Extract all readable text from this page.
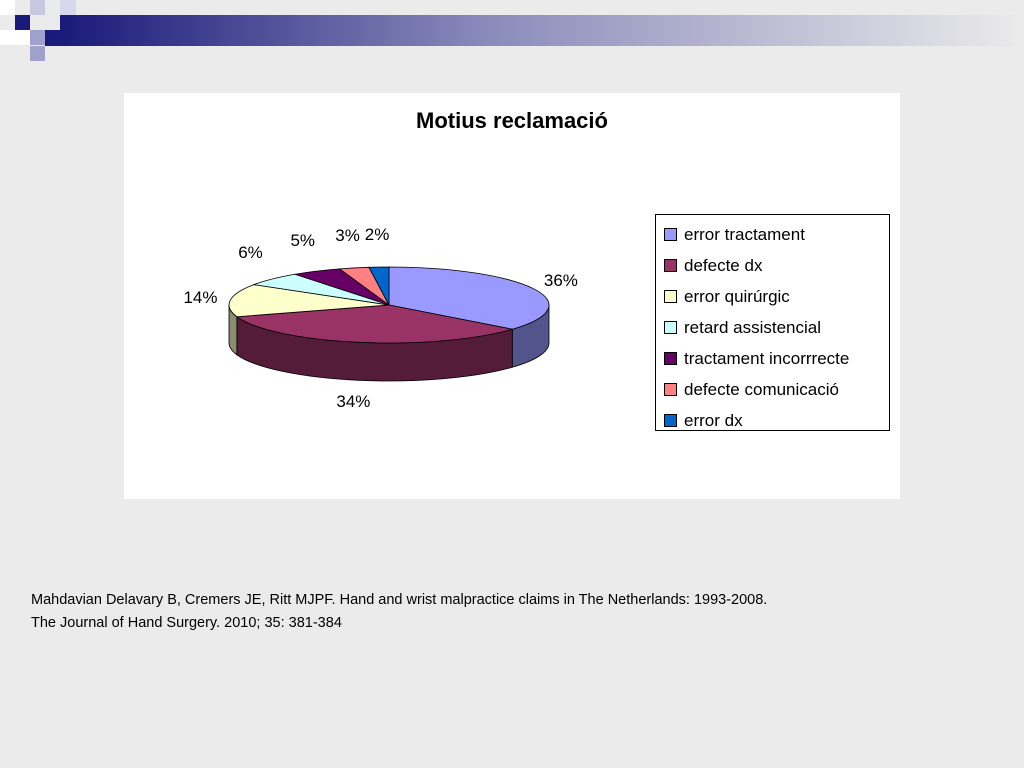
Motius reclamació
36%
34%
14%
6%
5% 3% 2%	error tractament
defecte dx
error quirúrgic
retard assistencial
tractament incorrrecte
defecte comunicació
error dx
Mahdavian Delavary B, Cremers JE, Ritt MJPF. Hand and wrist malpractice claims in The Netherlands: 1993-2008.
The Journal of Hand Surgery. 2010; 35: 381-384
